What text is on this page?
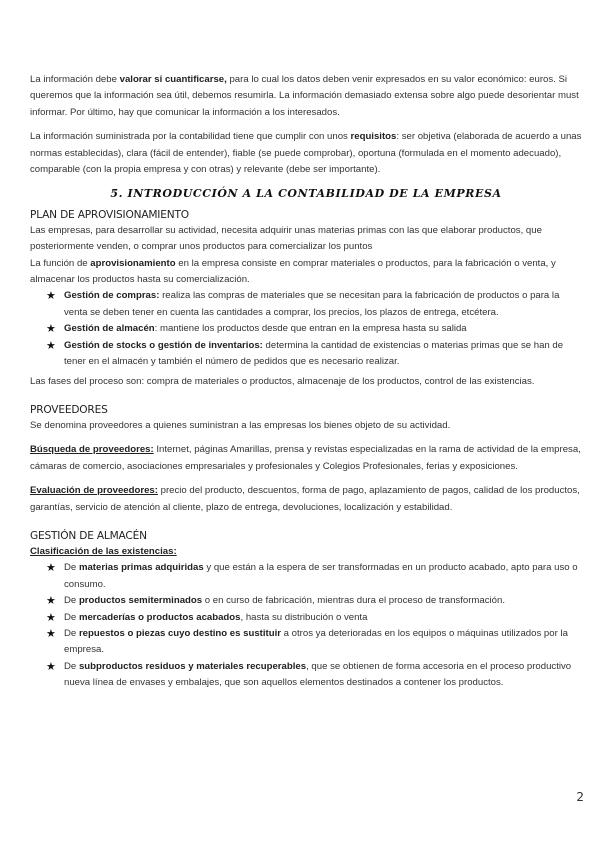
La información debe valorar si cuantificarse, para lo cual los datos deben venir expresados en su valor económico: euros. Si queremos que la información sea útil, debemos resumirla. La información demasiado extensa sobre algo puede desorientar must informar. Por último, hay que comunicar la información a los interesados.

La información suministrada por la contabilidad tiene que cumplir con unos requisitos: ser objetiva (elaborada de acuerdo a unas normas establecidas), clara (fácil de entender), fiable (se puede comprobar), oportuna (formulada en el momento adecuado), comparable (con la propia empresa y con otras) y relevante (debe ser importante).

5. INTRODUCCIÓN A LA CONTABILIDAD DE LA EMPRESA
PLAN DE APROVISIONAMIENTO

Las empresas, para desarrollar su actividad, necesita adquirir unas materias primas con las que elaborar productos, que posteriormente venden, o comprar unos productos para comercializar los puntos

La función de aprovisionamiento en la empresa consiste en comprar materiales o productos, para la fabricación o venta, y almacenar los productos hasta su comercialización.

★ Gestión de compras: realiza las compras de materiales que se necesitan para la fabricación de productos o para la venta se deben tener en cuenta las cantidades a comprar, los precios, los plazos de entrega, etcétera.
★ Gestión de almacén: mantiene los productos desde que entran en la empresa hasta su salida
★ Gestión de stocks o gestión de inventarios: determina la cantidad de existencias o materias primas que se han de tener en el almacén y también el número de pedidos que es necesario realizar.

Las fases del proceso son: compra de materiales o productos, almacenaje de los productos, control de las existencias.

PROVEEDORES

Se denomina proveedores a quienes suministran a las empresas los bienes objeto de su actividad.

Búsqueda de proveedores: Internet, páginas Amarillas, prensa y revistas especializadas en la rama de actividad de la empresa, cámaras de comercio, asociaciones empresariales y profesionales y Colegios Profesionales, ferias y exposiciones.

Evaluación de proveedores: precio del producto, descuentos, forma de pago, aplazamiento de pagos, calidad de los productos, garantías, servicio de atención al cliente, plazo de entrega, devoluciones, localización y estabilidad.

GESTIÓN DE ALMACÉN

Clasificación de las existencias:

★ De materias primas adquiridas y que están a la espera de ser transformadas en un producto acabado, apto para uso o consumo.
★ De productos semiterminados o en curso de fabricación, mientras dura el proceso de transformación.
★ De mercaderías o productos acabados, hasta su distribución o venta
★ De repuestos o piezas cuyo destino es sustituir a otros ya deterioradas en los equipos o máquinas utilizados por la empresa.
★ De subproductos residuos y materiales recuperables, que se obtienen de forma accesoria en el proceso productivo nueva línea de envases y embalajes, que son aquellos elementos destinados a contener los productos.
2
